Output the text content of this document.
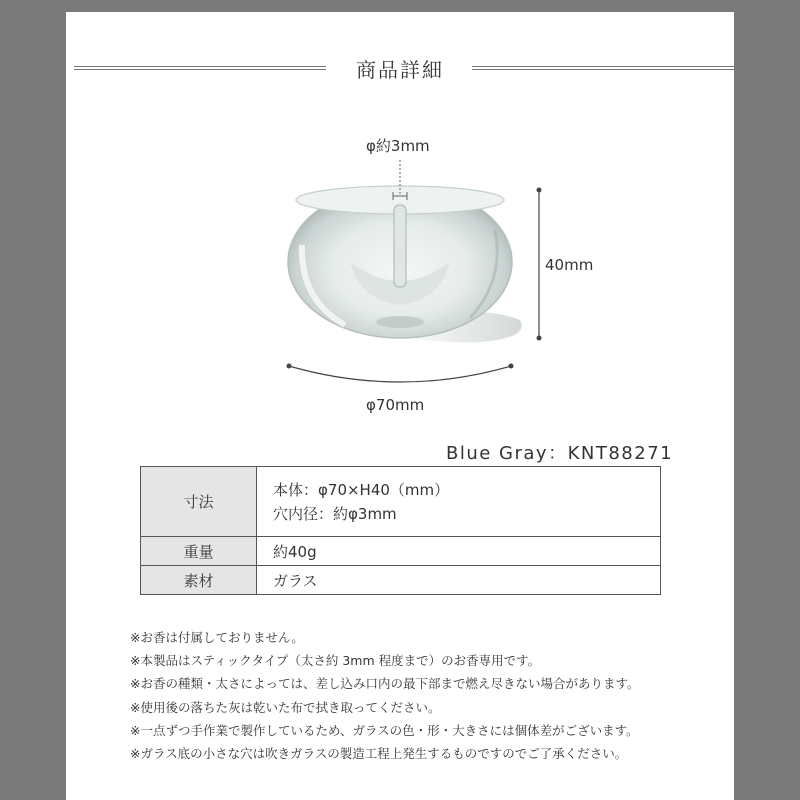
商品詳細
φ約3mm
40mm
φ70mm
Blue Gray：KNT88271
寸法	本体：φ70×H40（mm）
穴内径：約φ3mm

重量	約40g
素材	ガラス
※お香は付属しておりません。
※本製品はスティックタイプ（太さ約 3mm 程度まで）のお香専用です。
※お香の種類・太さによっては、差し込み口内の最下部まで燃え尽きない場合があります。
※使用後の落ちた灰は乾いた布で拭き取ってください。
※一点ずつ手作業で製作しているため、ガラスの色・形・大きさには個体差がございます。
※ガラス底の小さな穴は吹きガラスの製造工程上発生するものですのでご了承ください。
